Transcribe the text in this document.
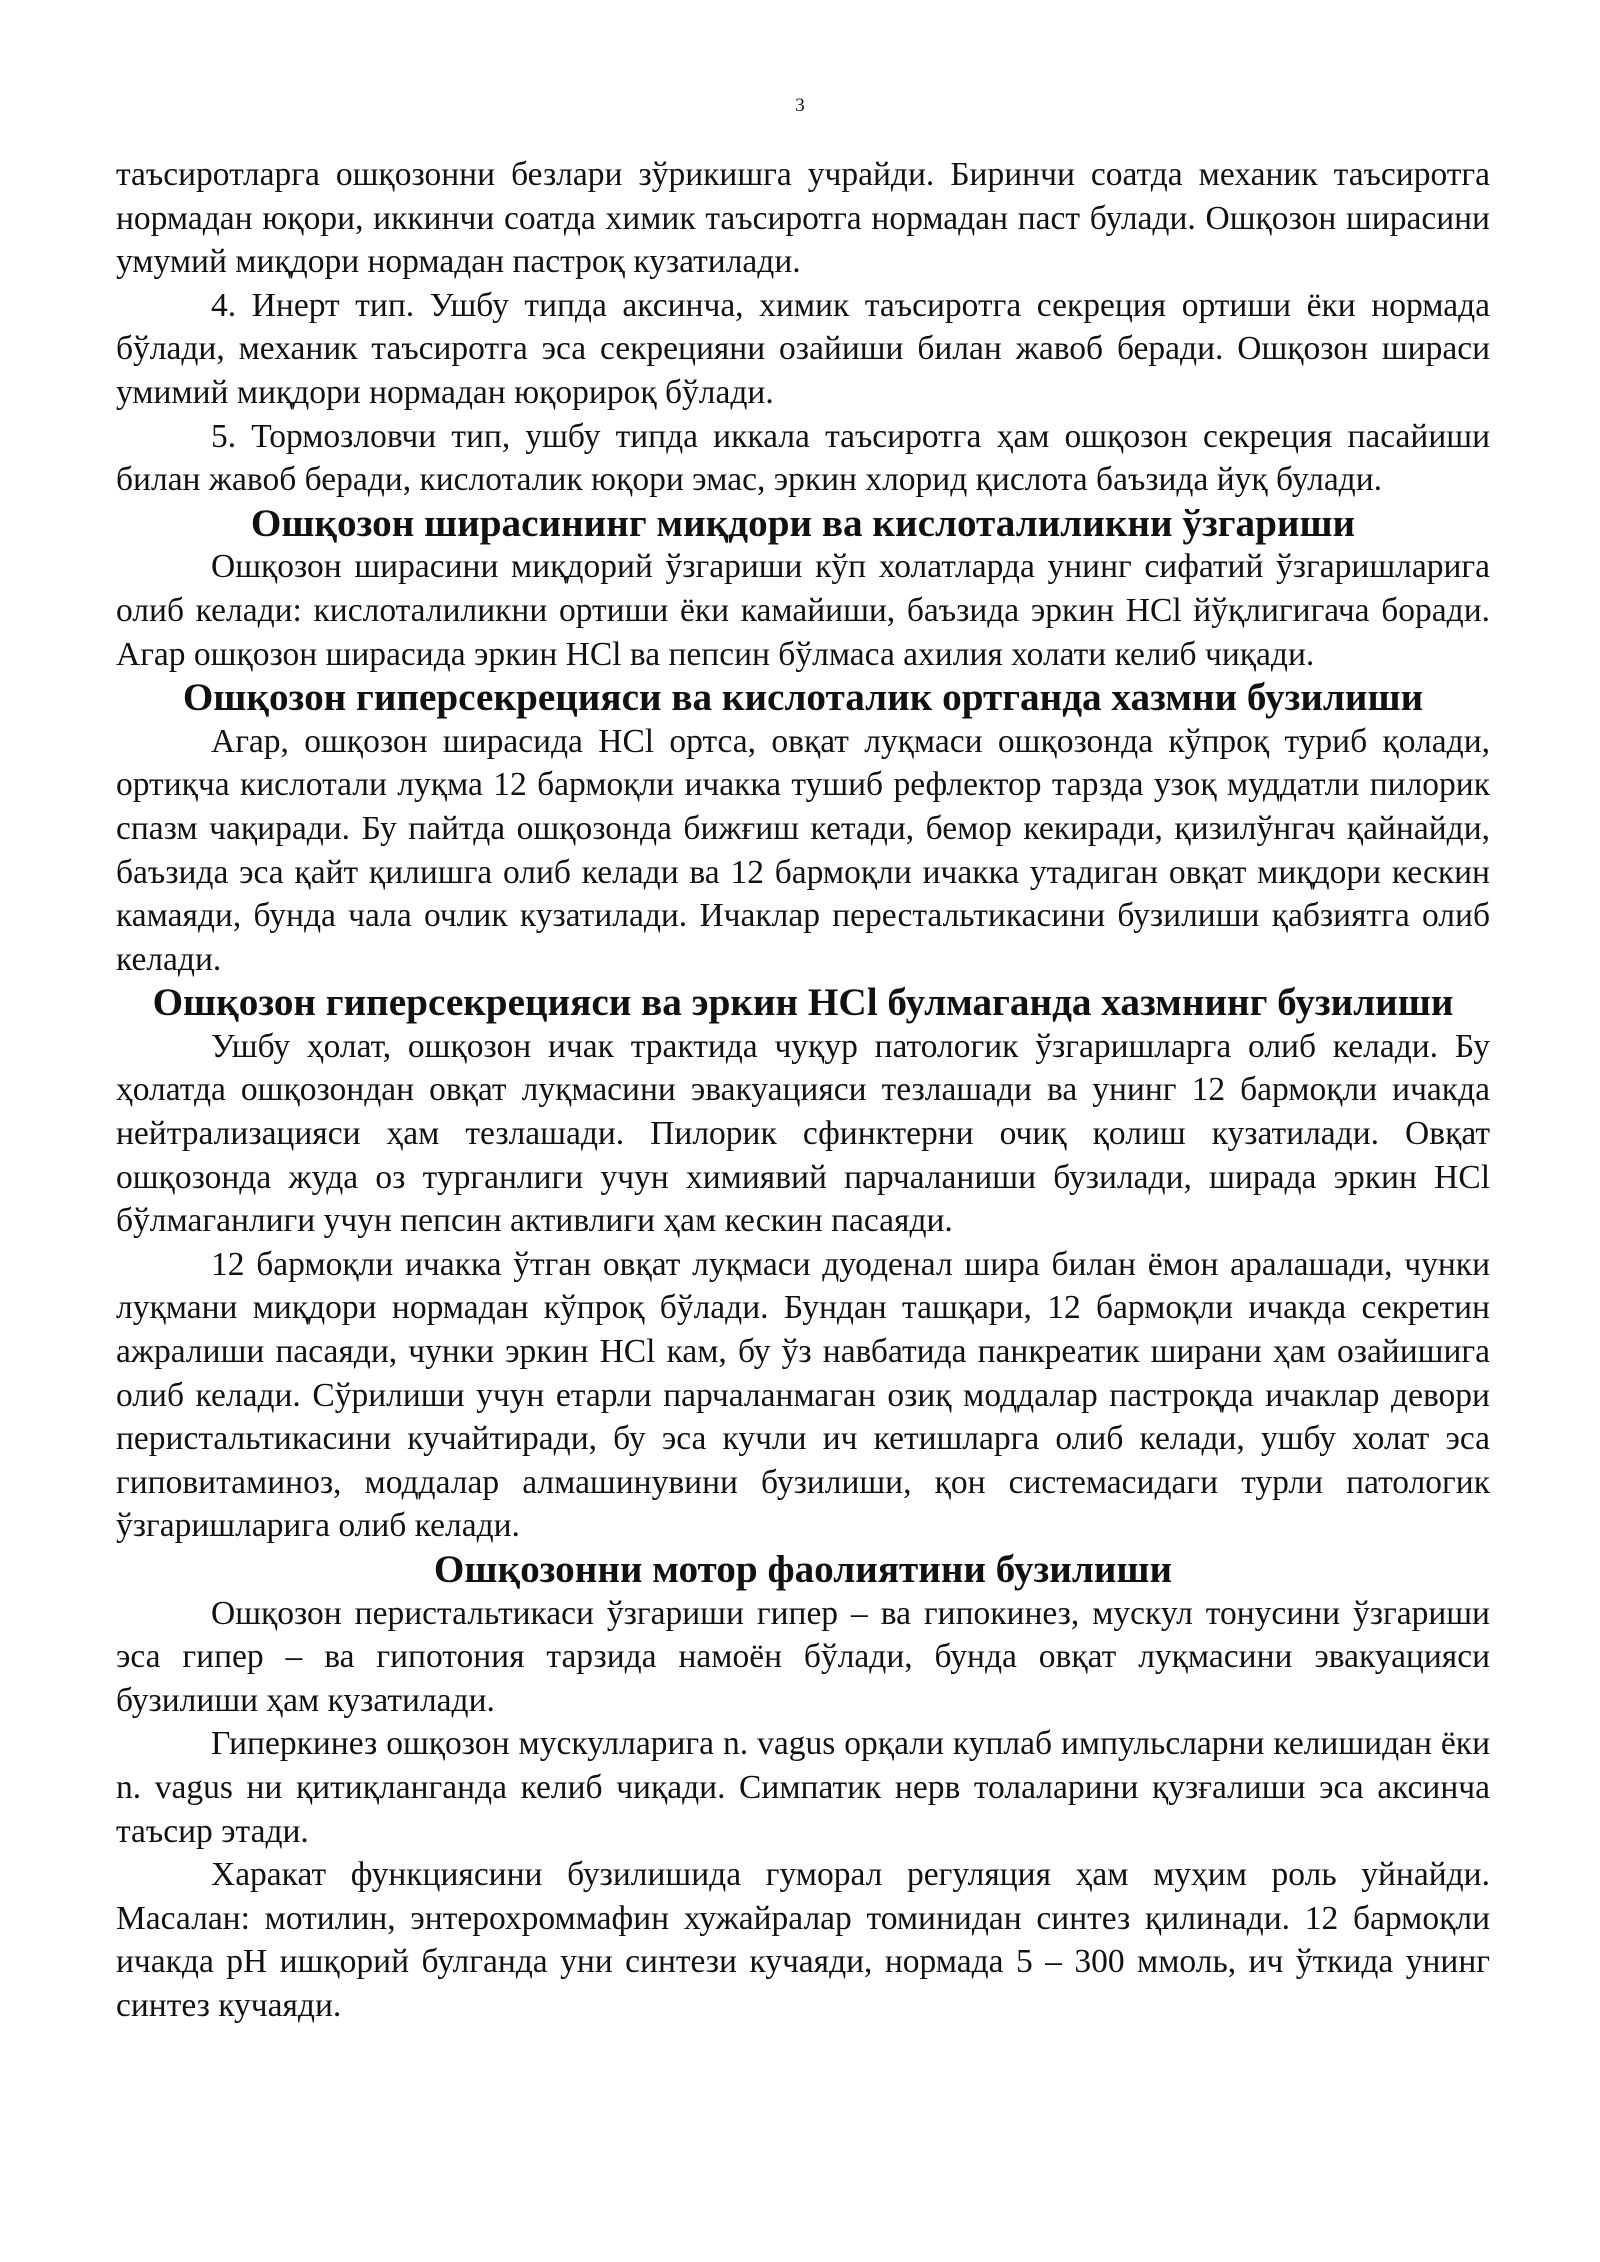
3

таъсиротларга ошқозонни безлари зўрикишга учрайди. Биринчи соатда механик таъсиротга нормадан юқори, иккинчи соатда химик таъсиротга нормадан паст булади. Ошқозон ширасини умумий миқдори нормадан пастроқ кузатилади.

4. Инерт тип. Ушбу типда аксинча, химик таъсиротга секреция ортиши ёки нормада бўлади, механик таъсиротга эса секрецияни озайиши билан жавоб беради. Ошқозон шираси умимий миқдори нормадан юқорироқ бўлади.

5. Тормозловчи тип, ушбу типда иккала таъсиротга ҳам ошқозон секреция пасайиши билан жавоб беради, кислоталик юқори эмас, эркин хлорид қислота баъзида йуқ булади.

Ошқозон ширасининг миқдори ва кислоталиликни ўзгариши

Ошқозон ширасини миқдорий ўзгариши кўп холатларда унинг сифатий ўзгаришларига олиб келади: кислоталиликни ортиши ёки камайиши, баъзида эркин HCl йўқлигигача боради. Агар ошқозон ширасида эркин HCl ва пепсин бўлмаса ахилия холати келиб чиқади.

Ошқозон гиперсекрецияси ва кислоталик ортганда хазмни бузилиши

Агар, ошқозон ширасида HCl ортса, овқат луқмаси ошқозонда кўпроқ туриб қолади, ортиқча кислотали луқма 12 бармоқли ичакка тушиб рефлектор тарзда узоқ муддатли пилорик спазм чақиради. Бу пайтда ошқозонда бижғиш кетади, бемор кекиради, қизилўнгач қайнайди, баъзида эса қайт қилишга олиб келади ва 12 бармоқли ичакка утадиган овқат миқдори кескин камаяди, бунда чала очлик кузатилади. Ичаклар перестальтикасини бузилиши қабзиятга олиб келади.

Ошқозон гиперсекрецияси ва эркин HCl булмаганда хазмнинг бузилиши

Ушбу ҳолат, ошқозон ичак трактида чуқур патологик ўзгаришларга олиб келади. Бу ҳолатда ошқозондан овқат луқмасини эвакуацияси тезлашади ва унинг 12 бармоқли ичакда нейтрализацияси ҳам тезлашади. Пилорик сфинктерни очиқ қолиш кузатилади. Овқат ошқозонда жуда оз турганлиги учун химиявий парчаланиши бузилади, ширада эркин HCl бўлмаганлиги учун пепсин активлиги ҳам кескин пасаяди.

12 бармоқли ичакка ўтган овқат луқмаси дуоденал шира билан ёмон аралашади, чунки луқмани миқдори нормадан кўпроқ бўлади. Бундан ташқари, 12 бармоқли ичакда секретин ажралиши пасаяди, чунки эркин HCl кам, бу ўз навбатида панкреатик ширани ҳам озайишига олиб келади. Сўрилиши учун етарли парчаланмаган озиқ моддалар пастроқда ичаклар девори перистальтикасини кучайтиради, бу эса кучли ич кетишларга олиб келади, ушбу холат эса гиповитаминоз, моддалар алмашинувини бузилиши, қон системасидаги турли патологик ўзгаришларига олиб келади.

Ошқозонни мотор фаолиятини бузилиши

Ошқозон перистальтикаси ўзгариши гипер – ва гипокинез, мускул тонусини ўзгариши эса гипер – ва гипотония тарзида намоён бўлади, бунда овқат луқмасини эвакуацияси бузилиши ҳам кузатилади.

Гиперкинез ошқозон мускулларига n. vagus орқали куплаб импульсларни келишидан ёки n. vagus ни қитиқланганда келиб чиқади. Симпатик нерв толаларини қузғалиши эса аксинча таъсир этади.

Харакат функциясини бузилишида гуморал регуляция ҳам муҳим роль уйнайди. Масалан: мотилин, энтерохроммафин хужайралар томинидан синтез қилинади. 12 бармоқли ичакда pH ишқорий булганда уни синтези кучаяди, нормада 5 – 300 ммоль, ич ўткида унинг синтез кучаяди.
